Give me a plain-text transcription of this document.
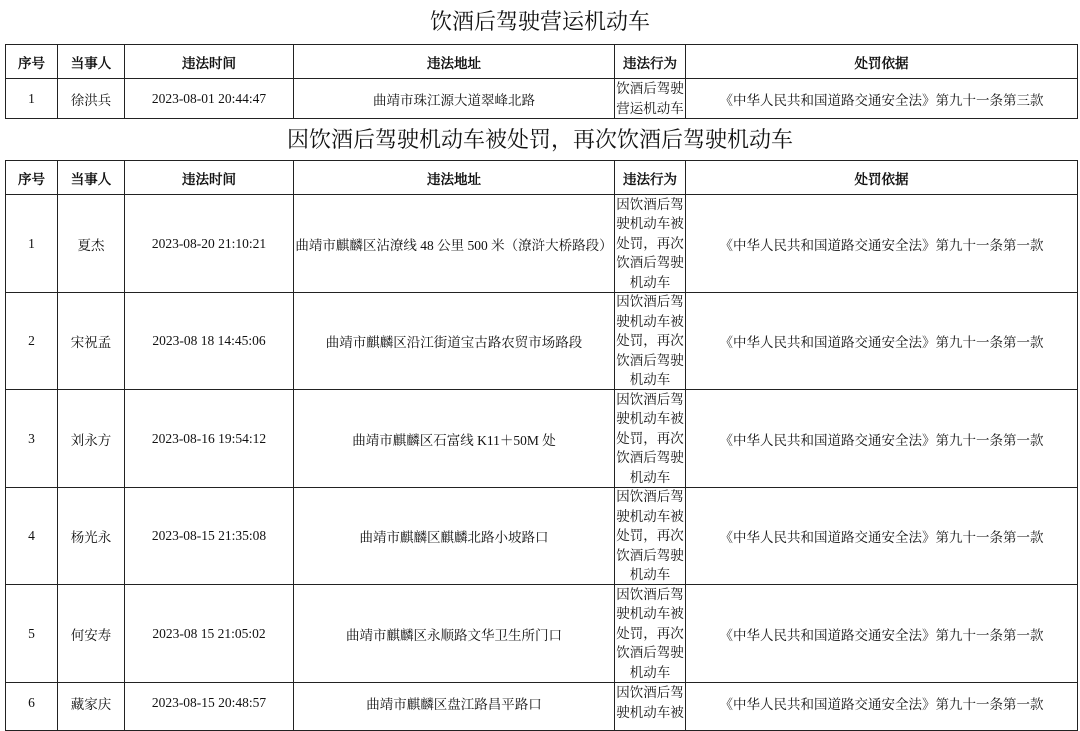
饮酒后驾驶营运机动车
序号	当事人	违法时间	违法地址	违法行为	处罚依据

1	徐洪兵	2023-08-01 20:44:47	曲靖市珠江源大道翠峰北路	饮酒后驾驶营运机动车	《中华人民共和国道路交通安全法》第九十一条第三款
因饮酒后驾驶机动车被处罚，再次饮酒后驾驶机动车
序号	当事人	违法时间	违法地址	违法行为	处罚依据

1	夏杰	2023-08-20 21:10:21	曲靖市麒麟区沾潦线 48 公里 500 米（潦浒大桥路段）	因饮酒后驾驶机动车被处罚，再次饮酒后驾驶机动车	《中华人民共和国道路交通安全法》第九十一条第一款

2	宋祝孟	2023-08 18 14:45:06	曲靖市麒麟区沿江街道宝古路农贸市场路段	因饮酒后驾驶机动车被处罚，再次饮酒后驾驶机动车	《中华人民共和国道路交通安全法》第九十一条第一款

3	刘永方	2023-08-16 19:54:12	曲靖市麒麟区石富线 K11＋50M 处	因饮酒后驾驶机动车被处罚，再次饮酒后驾驶机动车	《中华人民共和国道路交通安全法》第九十一条第一款

4	杨光永	2023-08-15 21:35:08	曲靖市麒麟区麒麟北路小坡路口	因饮酒后驾驶机动车被处罚，再次饮酒后驾驶机动车	《中华人民共和国道路交通安全法》第九十一条第一款

5	何安寿	2023-08 15 21:05:02	曲靖市麒麟区永顺路文华卫生所门口	因饮酒后驾驶机动车被处罚，再次饮酒后驾驶机动车	《中华人民共和国道路交通安全法》第九十一条第一款

6	藏家庆	2023-08-15 20:48:57	曲靖市麒麟区盘江路昌平路口	因饮酒后驾驶机动车被	《中华人民共和国道路交通安全法》第九十一条第一款
